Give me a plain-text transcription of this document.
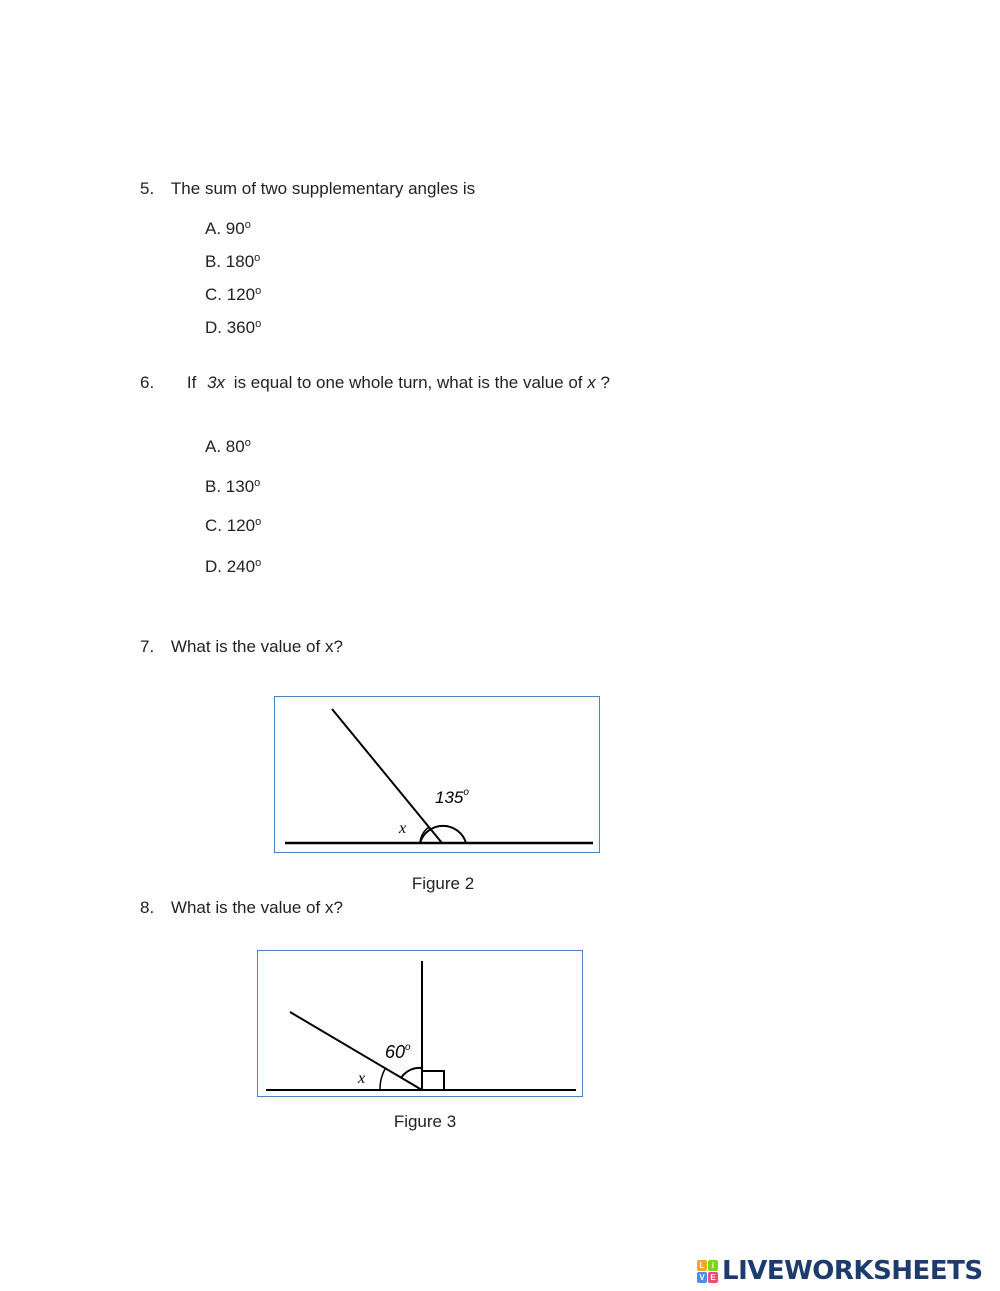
5. The sum of two supplementary angles is
A. 90$^o$
B. 180$^o$
C. 120$^o$
D. 360$^o$
6. If 3x is equal to one whole turn, what is the value of x ?
A. 80$^o$
B. 130$^o$
C. 120$^o$
D. 240$^o$
7. What is the value of x?
135$^o$
x
Figure 2
8. What is the value of x?
60$^o$
x
Figure 3
L i
V E LIVEWORKSHEETS
